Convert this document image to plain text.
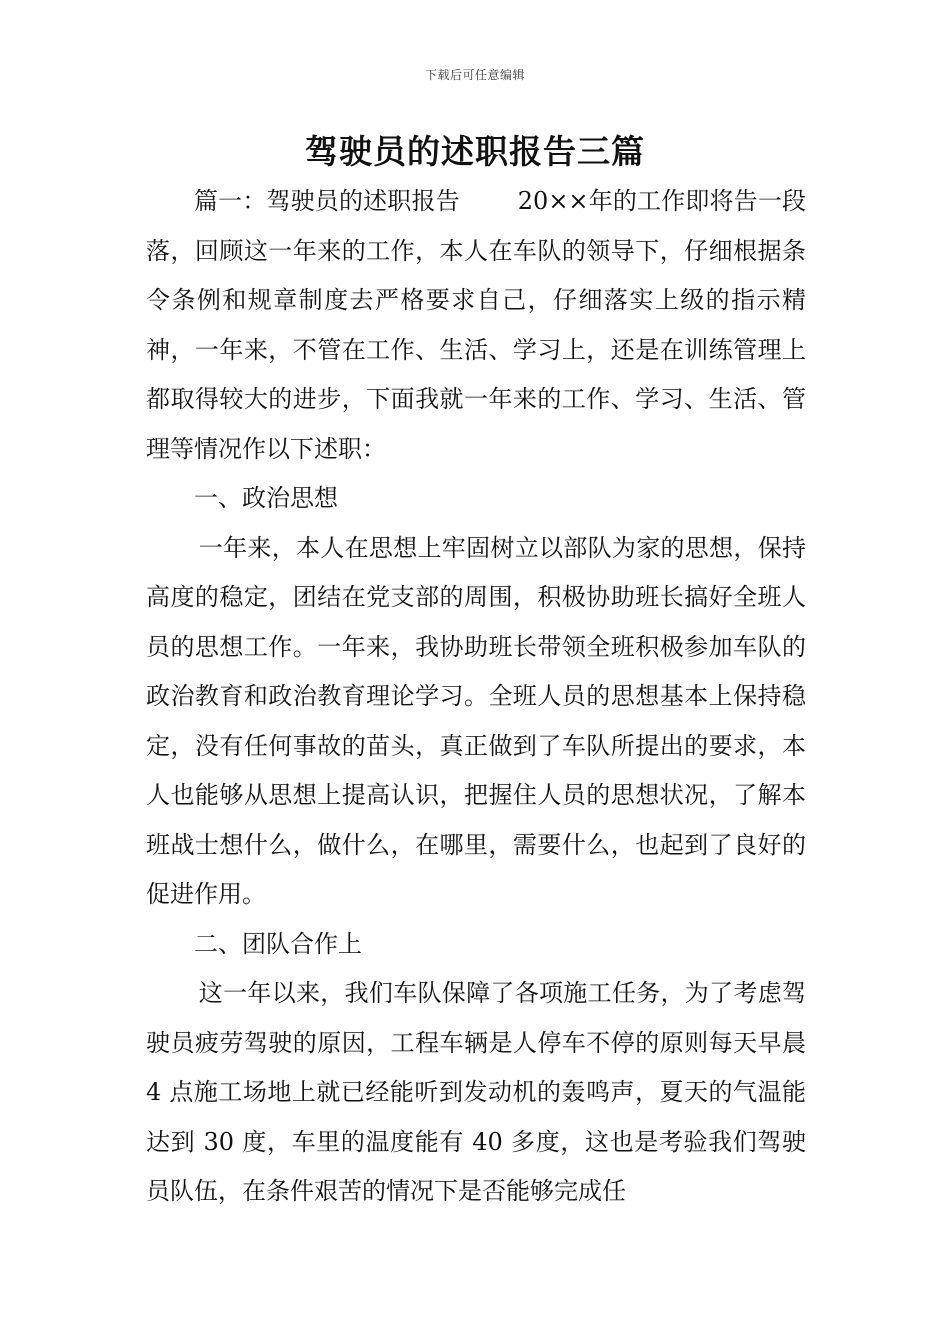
下载后可任意编辑
驾驶员的述职报告三篇

篇一：驾驶员的述职报告 20××年的工作即将告一段落，回顾这一年来的工作，本人在车队的领导下，仔细根据条令条例和规章制度去严格要求自己，仔细落实上级的指示精神，一年来，不管在工作、生活、学习上，还是在训练管理上都取得较大的进步，下面我就一年来的工作、学习、生活、管理等情况作以下述职：

一、政治思想

一年来，本人在思想上牢固树立以部队为家的思想，保持高度的稳定，团结在党支部的周围，积极协助班长搞好全班人员的思想工作。一年来，我协助班长带领全班积极参加车队的政治教育和政治教育理论学习。全班人员的思想基本上保持稳定，没有任何事故的苗头，真正做到了车队所提出的要求，本人也能够从思想上提高认识，把握住人员的思想状况，了解本班战士想什么，做什么，在哪里，需要什么，也起到了良好的促进作用。

二、团队合作上

这一年以来，我们车队保障了各项施工任务，为了考虑驾驶员疲劳驾驶的原因，工程车辆是人停车不停的原则每天早晨 4 点施工场地上就已经能听到发动机的轰鸣声，夏天的气温能达到 30 度，车里的温度能有 40 多度，这也是考验我们驾驶员队伍，在条件艰苦的情况下是否能够完成任
